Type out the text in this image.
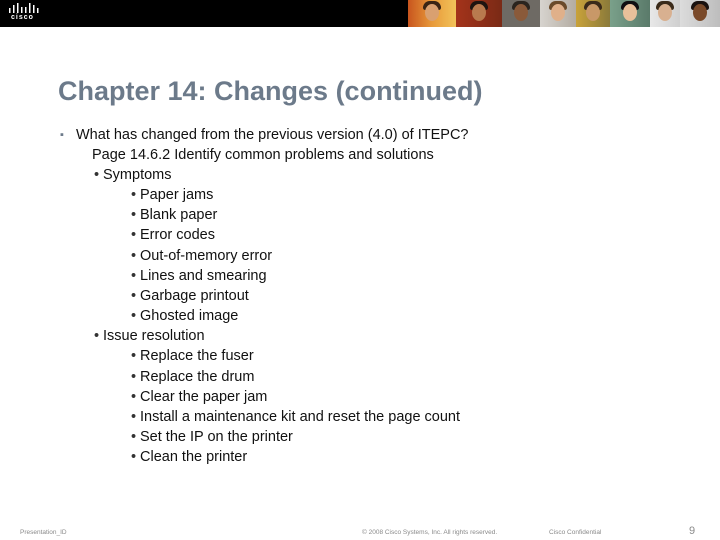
cisco
Chapter 14: Changes (continued)
▪ What has changed from the previous version (4.0) of ITEPC?
Page 14.6.2 Identify common problems and solutions
• Symptoms
• Paper jams
• Blank paper
• Error codes
• Out-of-memory error
• Lines and smearing
• Garbage printout
• Ghosted image
• Issue resolution
• Replace the fuser
• Replace the drum
• Clear the paper jam
• Install a maintenance kit and reset the page count
• Set the IP on the printer
• Clean the printer
Presentation_ID	© 2008 Cisco Systems, Inc. All rights reserved.	Cisco Confidential	9
